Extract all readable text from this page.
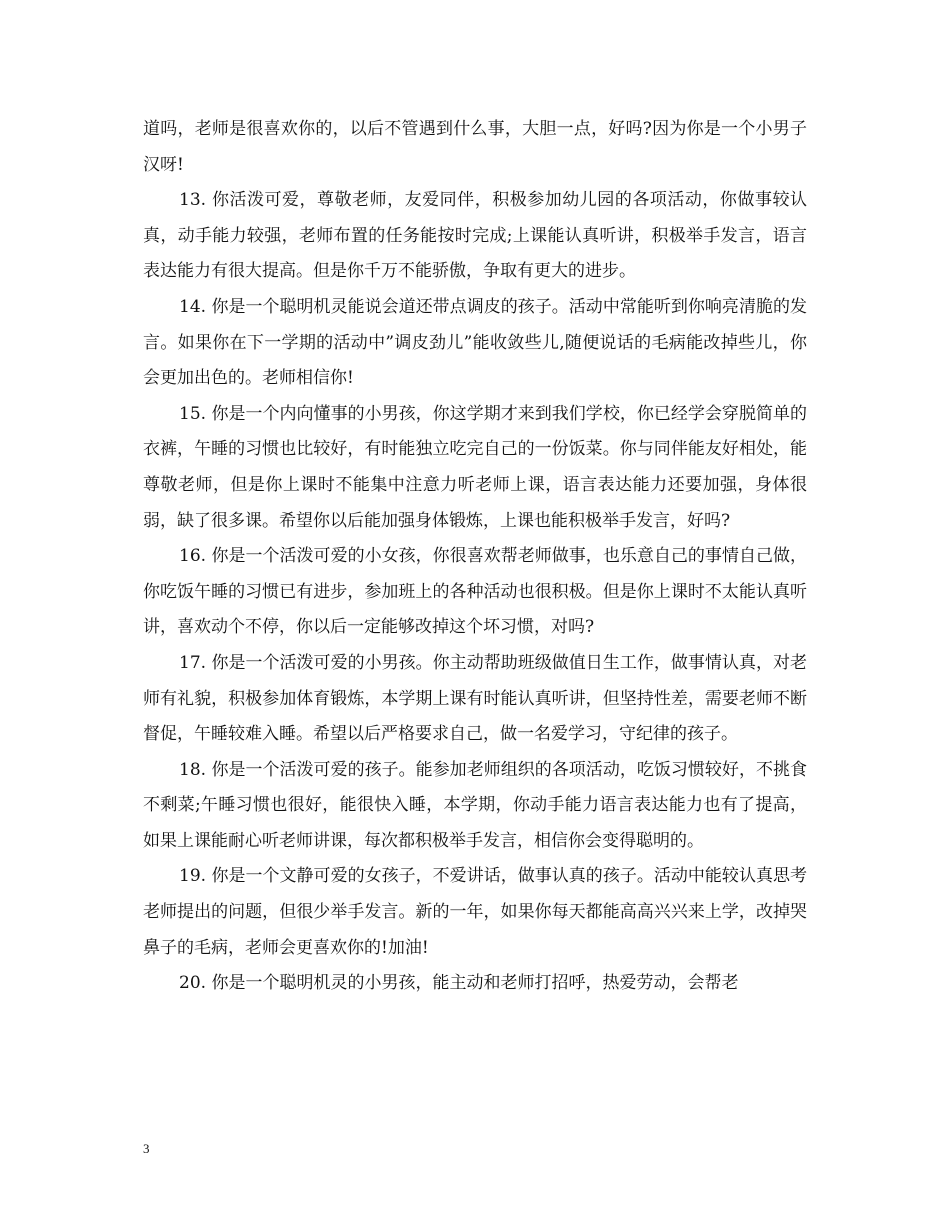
道吗，老师是很喜欢你的，以后不管遇到什么事，大胆一点，好吗?因为你是一个小男子汉呀!

13. 你活泼可爱，尊敬老师，友爱同伴，积极参加幼儿园的各项活动，你做事较认真，动手能力较强，老师布置的任务能按时完成;上课能认真听讲，积极举手发言，语言表达能力有很大提高。但是你千万不能骄傲，争取有更大的进步。

14. 你是一个聪明机灵能说会道还带点调皮的孩子。活动中常能听到你响亮清脆的发言。如果你在下一学期的活动中”调皮劲儿”能收敛些儿,随便说话的毛病能改掉些儿，你会更加出色的。老师相信你!

15. 你是一个内向懂事的小男孩，你这学期才来到我们学校，你已经学会穿脱简单的衣裤，午睡的习惯也比较好，有时能独立吃完自己的一份饭菜。你与同伴能友好相处，能尊敬老师，但是你上课时不能集中注意力听老师上课，语言表达能力还要加强，身体很弱，缺了很多课。希望你以后能加强身体锻炼，上课也能积极举手发言，好吗?

16. 你是一个活泼可爱的小女孩，你很喜欢帮老师做事，也乐意自己的事情自己做，你吃饭午睡的习惯已有进步，参加班上的各种活动也很积极。但是你上课时不太能认真听讲，喜欢动个不停，你以后一定能够改掉这个坏习惯，对吗?

17. 你是一个活泼可爱的小男孩。你主动帮助班级做值日生工作，做事情认真，对老师有礼貌，积极参加体育锻炼，本学期上课有时能认真听讲，但坚持性差，需要老师不断督促，午睡较难入睡。希望以后严格要求自己，做一名爱学习，守纪律的孩子。

18. 你是一个活泼可爱的孩子。能参加老师组织的各项活动，吃饭习惯较好，不挑食不剩菜;午睡习惯也很好，能很快入睡，本学期，你动手能力语言表达能力也有了提高，如果上课能耐心听老师讲课，每次都积极举手发言，相信你会变得聪明的。

19. 你是一个文静可爱的女孩子，不爱讲话，做事认真的孩子。活动中能较认真思考老师提出的问题，但很少举手发言。新的一年，如果你每天都能高高兴兴来上学，改掉哭鼻子的毛病，老师会更喜欢你的!加油!

20. 你是一个聪明机灵的小男孩，能主动和老师打招呼，热爱劳动，会帮老

3
